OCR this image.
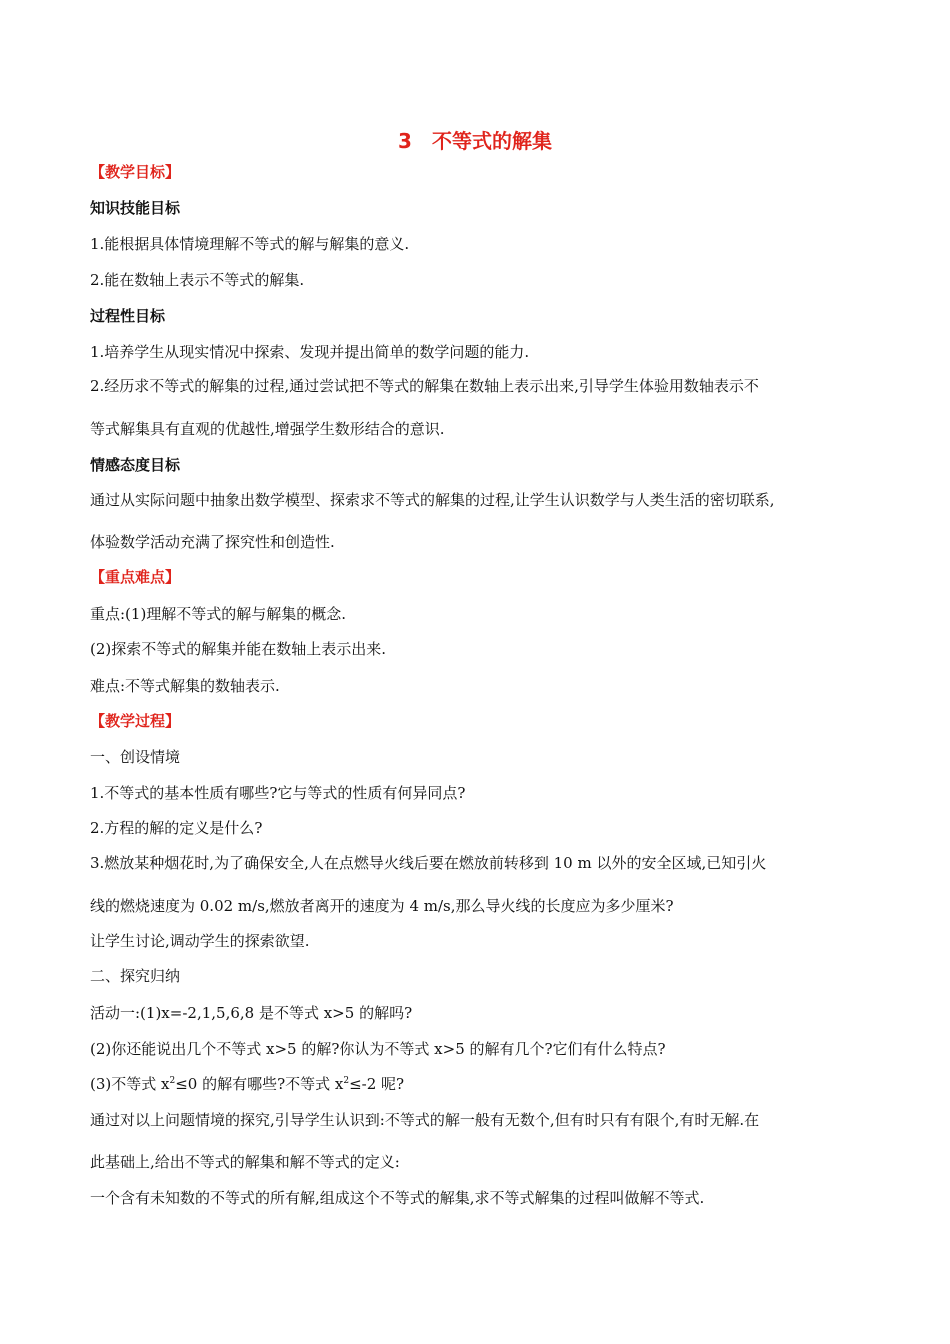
3　不等式的解集
【教学目标】
知识技能目标
1.能根据具体情境理解不等式的解与解集的意义.
2.能在数轴上表示不等式的解集.
过程性目标
1.培养学生从现实情况中探索、发现并提出简单的数学问题的能力.
2.经历求不等式的解集的过程,通过尝试把不等式的解集在数轴上表示出来,引导学生体验用数轴表示不
等式解集具有直观的优越性,增强学生数形结合的意识.
情感态度目标
通过从实际问题中抽象出数学模型、探索求不等式的解集的过程,让学生认识数学与人类生活的密切联系,
体验数学活动充满了探究性和创造性.
【重点难点】
重点:(1)理解不等式的解与解集的概念.
(2)探索不等式的解集并能在数轴上表示出来.
难点:不等式解集的数轴表示.
【教学过程】
一、创设情境
1.不等式的基本性质有哪些?它与等式的性质有何异同点?
2.方程的解的定义是什么?
3.燃放某种烟花时,为了确保安全,人在点燃导火线后要在燃放前转移到 10 m 以外的安全区域,已知引火
线的燃烧速度为 0.02 m/s,燃放者离开的速度为 4 m/s,那么导火线的长度应为多少厘米?
让学生讨论,调动学生的探索欲望.
二、探究归纳
活动一:(1)x=-2,1,5,6,8 是不等式 x>5 的解吗?
(2)你还能说出几个不等式 x>5 的解?你认为不等式 x>5 的解有几个?它们有什么特点?
(3)不等式 $x^2\le 0$ 的解有哪些?不等式 $x^2\le-2$ 呢?
通过对以上问题情境的探究,引导学生认识到:不等式的解一般有无数个,但有时只有有限个,有时无解.在
此基础上,给出不等式的解集和解不等式的定义:
一个含有未知数的不等式的所有解,组成这个不等式的解集,求不等式解集的过程叫做解不等式.
